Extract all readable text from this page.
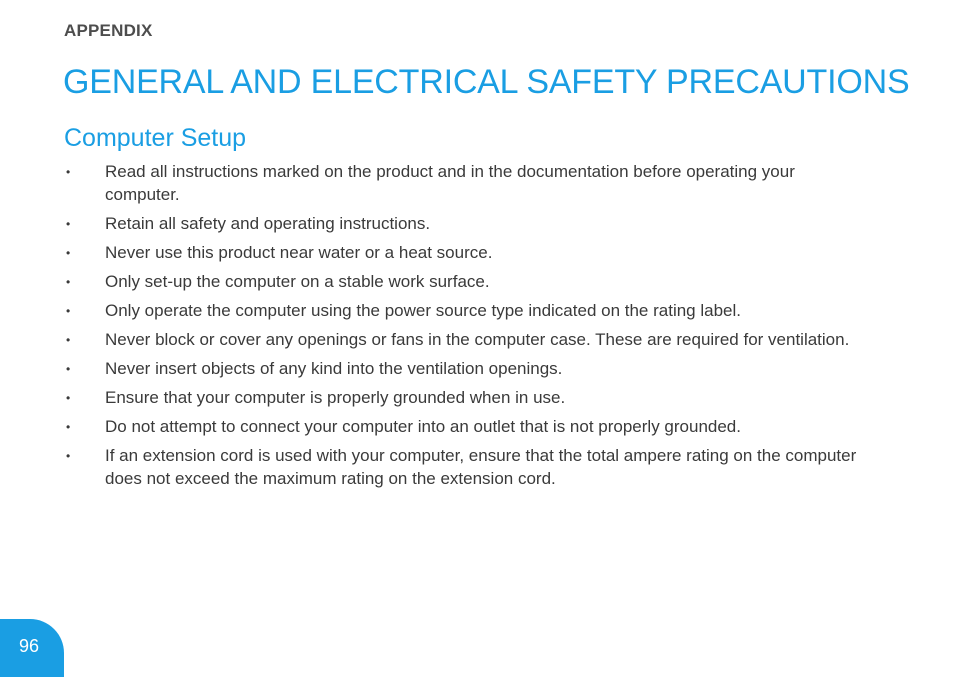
APPENDIX
GENERAL AND ELECTRICAL SAFETY PRECAUTIONS
Computer Setup
• Read all instructions marked on the product and in the documentation before operating your computer.
• Retain all safety and operating instructions.
• Never use this product near water or a heat source.
• Only set-up the computer on a stable work surface.
• Only operate the computer using the power source type indicated on the rating label.
• Never block or cover any openings or fans in the computer case. These are required for ventilation.
• Never insert objects of any kind into the ventilation openings.
• Ensure that your computer is properly grounded when in use.
• Do not attempt to connect your computer into an outlet that is not properly grounded.
• If an extension cord is used with your computer, ensure that the total ampere rating on the computer does not exceed the maximum rating on the extension cord.
96
